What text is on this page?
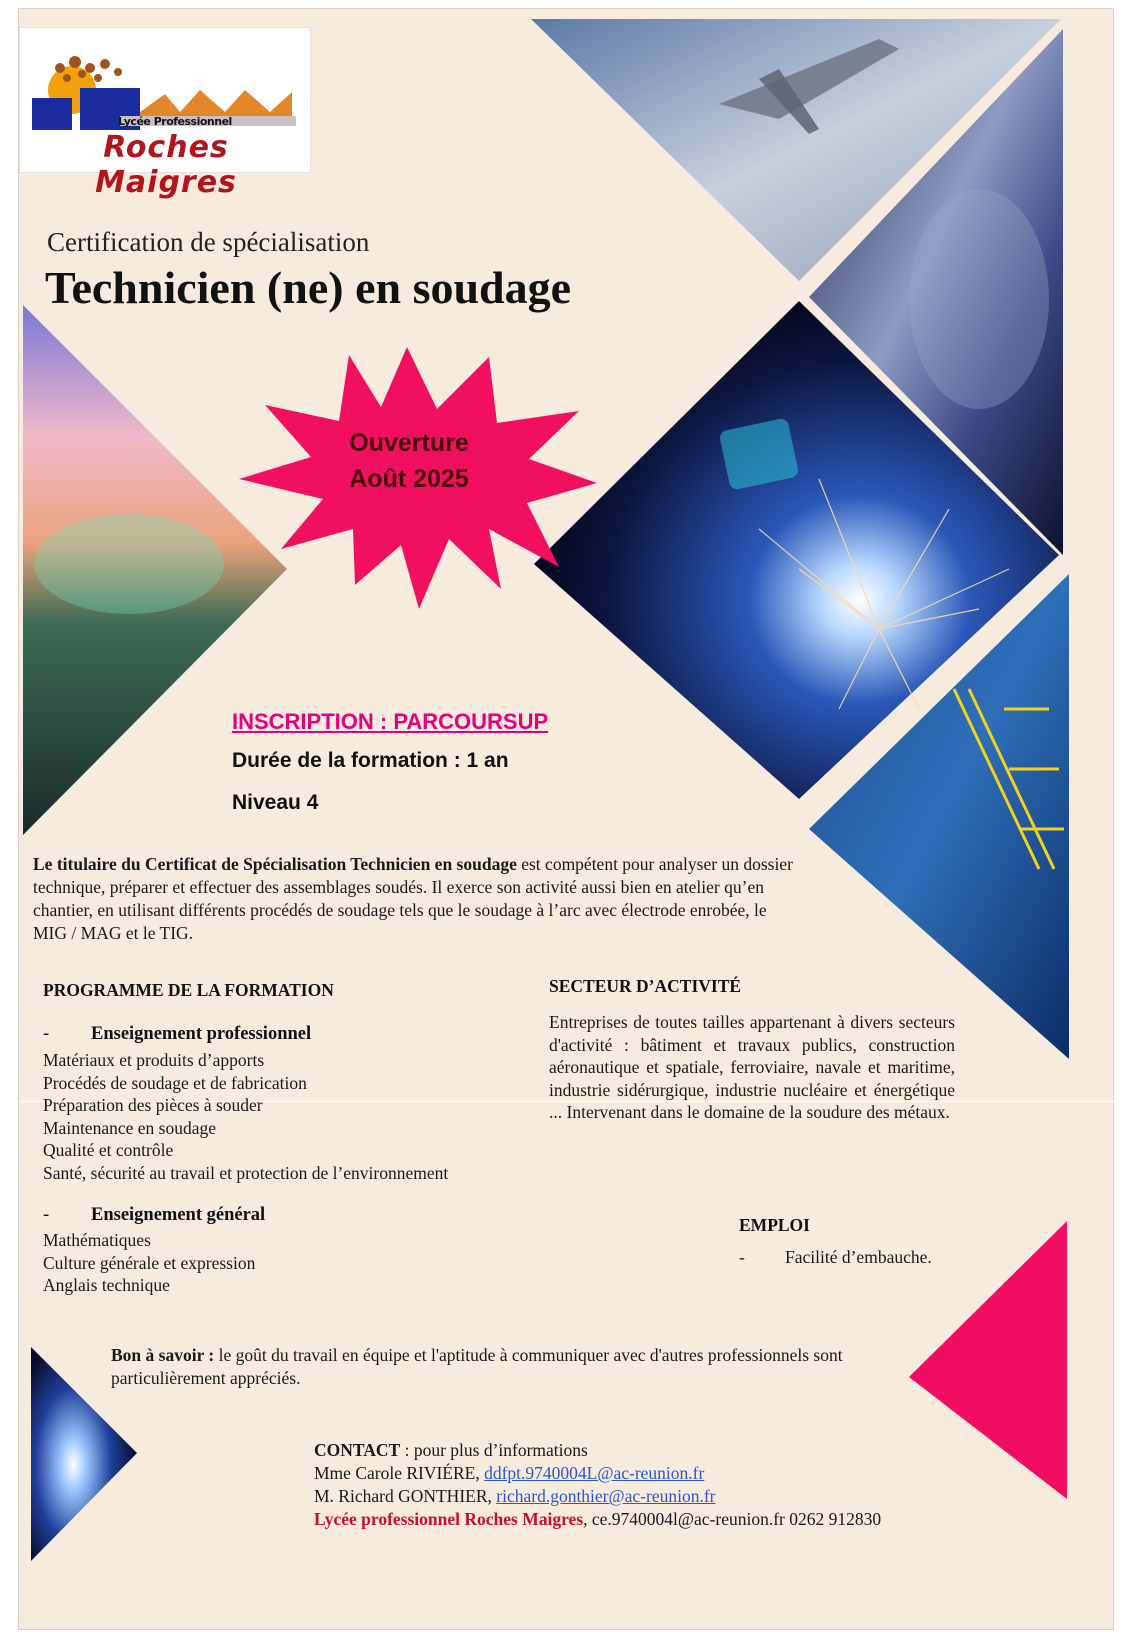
Lycée Professionnel
Roches Maigres
Certification de spécialisation
Technicien (ne) en soudage
Ouverture
Août 2025
INSCRIPTION : PARCOURSUP
Durée de la formation : 1 an
Niveau 4
Le titulaire du Certificat de Spécialisation Technicien en soudage est compétent pour analyser un dossier technique, préparer et effectuer des assemblages soudés. Il exerce son activité aussi bien en atelier qu’en chantier, en utilisant différents procédés de soudage tels que le soudage à l’arc avec électrode enrobée, le MIG / MAG et le TIG.
PROGRAMME DE LA FORMATION	SECTEUR D’ACTIVITÉ
- Enseignement professionnel
Matériaux et produits d’apports
Procédés de soudage et de fabrication
Préparation des pièces à souder
Maintenance en soudage
Qualité et contrôle
Santé, sécurité au travail et protection de l’environnement
- Enseignement général
Mathématiques
Culture générale et expression
Anglais technique
Entreprises de toutes tailles appartenant à divers secteurs d'activité : bâtiment et travaux publics, construction aéronautique et spatiale, ferroviaire, navale et maritime, industrie sidérurgique, industrie nucléaire et énergétique ... Intervenant dans le domaine de la soudure des métaux.
EMPLOI
- Facilité d’embauche.
Bon à savoir : le goût du travail en équipe et l'aptitude à communiquer avec d'autres professionnels sont particulièrement appréciés.
CONTACT : pour plus d’informations
Mme Carole RIVIÉRE, ddfpt.9740004L@ac-reunion.fr
M. Richard GONTHIER, richard.gonthier@ac-reunion.fr
Lycée professionnel Roches Maigres, ce.9740004l@ac-reunion.fr 0262 912830
